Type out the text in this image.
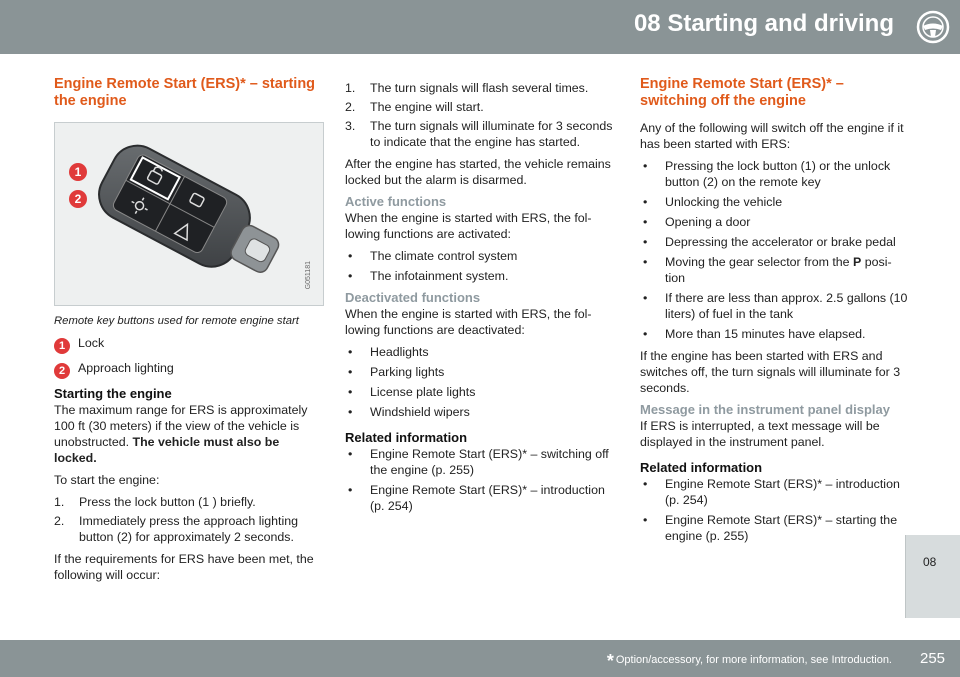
08 Starting and driving
08
Engine Remote Start (ERS)* – starting the engine
1
2
G051181
Remote key buttons used for remote engine start
1	Lock
2	Approach lighting
Starting the engine

The maximum range for ERS is approximately 100 ft (30 meters) if the view of the vehicle is unobstructed. The vehicle must also be locked.

To start the engine:

1. Press the lock button (1 ) briefly.
2. Immediately press the approach lighting button (2) for approximately 2 seconds.

If the requirements for ERS have been met, the following will occur:

1. The turn signals will flash several times.
2. The engine will start.
3. The turn signals will illuminate for 3 seconds to indicate that the engine has started.

After the engine has started, the vehicle remains locked but the alarm is disarmed.

Active functions

When the engine is started with ERS, the fol-lowing functions are activated:

• The climate control system
• The infotainment system.
Deactivated functions

When the engine is started with ERS, the fol-lowing functions are deactivated:

• Headlights
• Parking lights
• License plate lights
• Windshield wipers
Related information
• Engine Remote Start (ERS)* – switching off the engine (p. 255)
• Engine Remote Start (ERS)* – introduction (p. 254)
Engine Remote Start (ERS)* – switching off the engine

Any of the following will switch off the engine if it has been started with ERS:

• Pressing the lock button (1) or the unlock button (2) on the remote key
• Unlocking the vehicle
• Opening a door
• Depressing the accelerator or brake pedal
• Moving the gear selector from the P posi-tion
• If there are less than approx. 2.5 gallons (10 liters) of fuel in the tank
• More than 15 minutes have elapsed.

If the engine has been started with ERS and switches off, the turn signals will illuminate for 3 seconds.

Message in the instrument panel display

If ERS is interrupted, a text message will be displayed in the instrument panel.

Related information
• Engine Remote Start (ERS)* – introduction (p. 254)
• Engine Remote Start (ERS)* – starting the engine (p. 255)
* Option/accessory, for more information, see Introduction.	255
